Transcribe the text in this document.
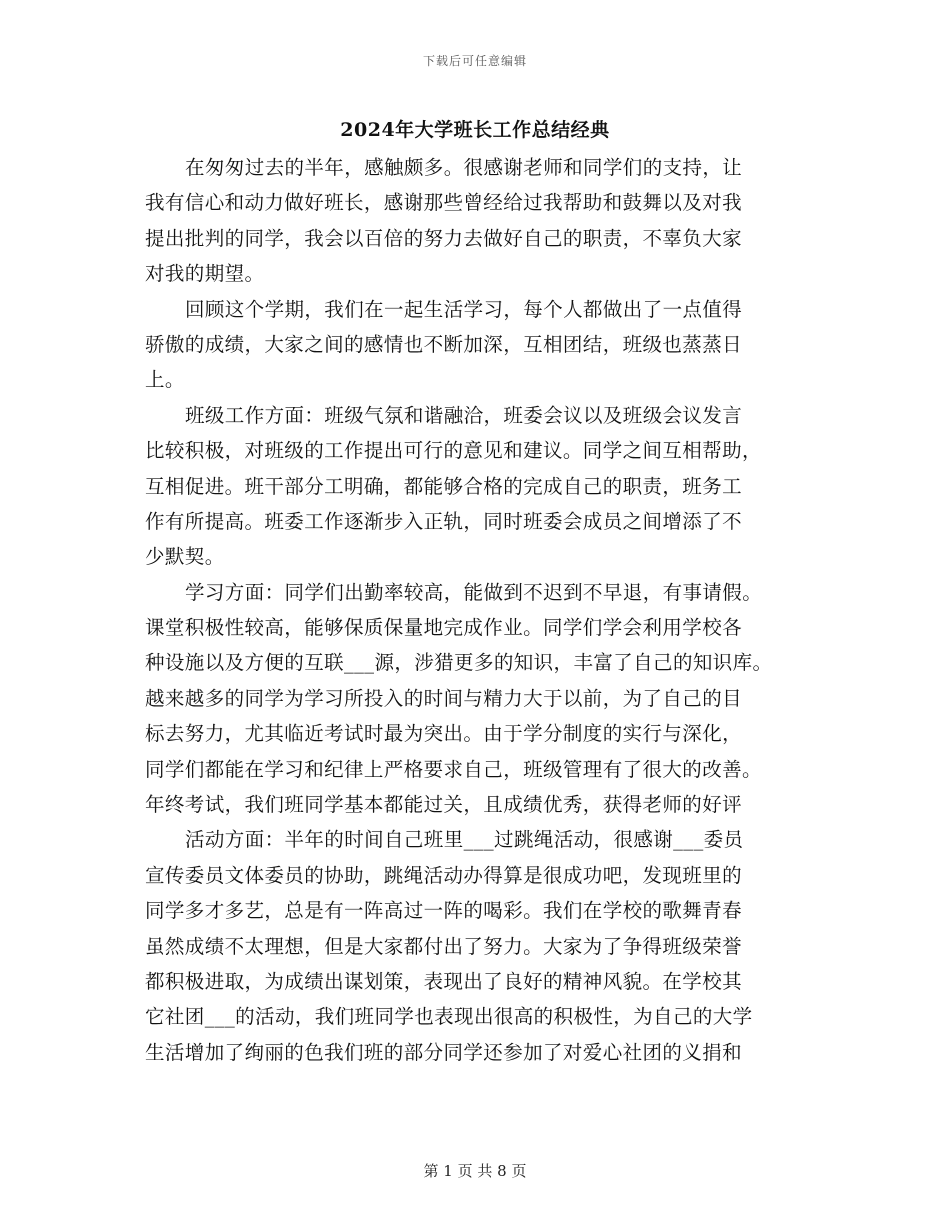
下载后可任意编辑
2024年大学班长工作总结经典
在匆匆过去的半年，感触颇多。很感谢老师和同学们的支持，让
我有信心和动力做好班长，感谢那些曾经给过我帮助和鼓舞以及对我
提出批判的同学，我会以百倍的努力去做好自己的职责，不辜负大家
对我的期望。
回顾这个学期，我们在一起生活学习，每个人都做出了一点值得
骄傲的成绩，大家之间的感情也不断加深，互相团结，班级也蒸蒸日
上。
班级工作方面：班级气氛和谐融洽，班委会议以及班级会议发言
比较积极，对班级的工作提出可行的意见和建议。同学之间互相帮助，
互相促进。班干部分工明确，都能够合格的完成自己的职责，班务工
作有所提高。班委工作逐渐步入正轨，同时班委会成员之间增添了不
少默契。
学习方面：同学们出勤率较高，能做到不迟到不早退，有事请假。
课堂积极性较高，能够保质保量地完成作业。同学们学会利用学校各
种设施以及方便的互联___源，涉猎更多的知识，丰富了自己的知识库。
越来越多的同学为学习所投入的时间与精力大于以前，为了自己的目
标去努力，尤其临近考试时最为突出。由于学分制度的实行与深化，
同学们都能在学习和纪律上严格要求自己，班级管理有了很大的改善。
年终考试，我们班同学基本都能过关，且成绩优秀，获得老师的好评
活动方面：半年的时间自己班里___过跳绳活动，很感谢___委员
宣传委员文体委员的协助，跳绳活动办得算是很成功吧，发现班里的
同学多才多艺，总是有一阵高过一阵的喝彩。我们在学校的歌舞青春
虽然成绩不太理想，但是大家都付出了努力。大家为了争得班级荣誉
都积极进取，为成绩出谋划策，表现出了良好的精神风貌。在学校其
它社团___的活动，我们班同学也表现出很高的积极性，为自己的大学
生活增加了绚丽的色我们班的部分同学还参加了对爱心社团的义捐和
第 1 页 共 8 页
